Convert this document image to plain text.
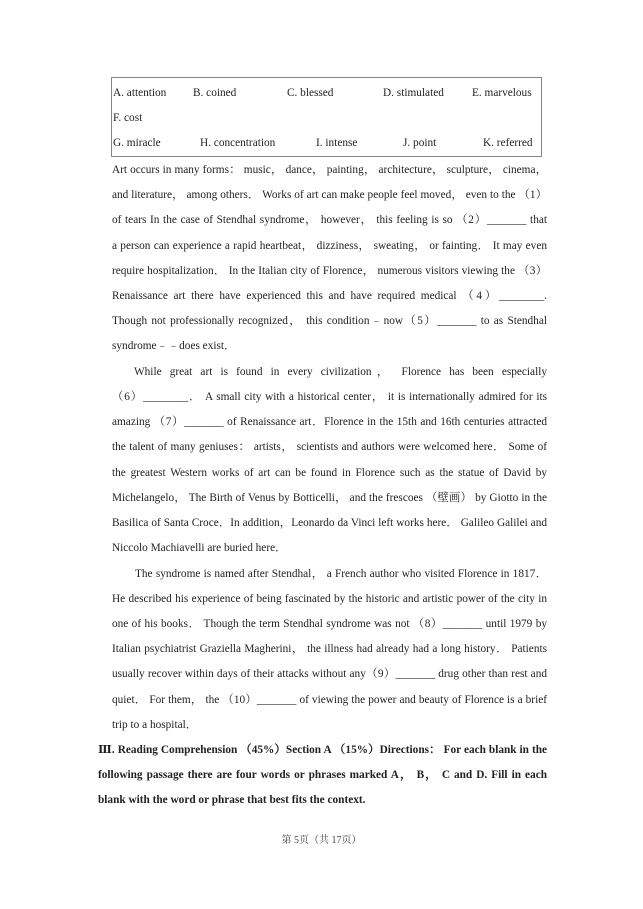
A. attention B. coined	C. blessed	D. stimulated E. marvelous
F. cost
G. miracle	H. concentration	I. intense	J. point	K. referred
Art occurs in many forms： music， dance， painting， architecture， sculpture， cinema，
and literature， among others． Works of art can make people feel moved， even to the （1）
of tears In the case of Stendhal syndrome， however， this feeling is so （2）_______ that
a person can experience a rapid heartbeat， dizziness， sweating， or fainting． It may even
require hospitalization． In the Italian city of Florence， numerous visitors viewing the （3）
Renaissance art there have experienced this and have required medical （4）________.
Though not professionally recognized， this condition﹣now（5）_______ to as Stendhal
syndrome﹣﹣does exist．
While great art is found in every civilization， Florence has been especially
（6）________． A small city with a historical center， it is internationally admired for its
amazing （7）_______ of Renaissance art．Florence in the 15th and 16th centuries attracted
the talent of many geniuses： artists， scientists and authors were welcomed here． Some of
the greatest Western works of art can be found in Florence such as the statue of David by
Michelangelo， The Birth of Venus by Botticelli， and the frescoes （壁画） by Giotto in the
Basilica of Santa Croce．In addition，Leonardo da Vinci left works here． Galileo Galilei and
Niccolo Machiavelli are buried here．
The syndrome is named after Stendhal， a French author who visited Florence in 1817．
He described his experience of being fascinated by the historic and artistic power of the city in
one of his books． Though the term Stendhal syndrome was not （8）_______ until 1979 by
Italian psychiatrist Graziella Magherini， the illness had already had a long history． Patients
usually recover within days of their attacks without any（9）_______ drug other than rest and
quiet． For them， the （10）_______ of viewing the power and beauty of Florence is a brief
trip to a hospital．
Ⅲ. Reading Comprehension （45%）Section A （15%）Directions： For each blank in the
following passage there are four words or phrases marked A， B， C and D. Fill in each
blank with the word or phrase that best fits the context.
第 5页（共 17页）
